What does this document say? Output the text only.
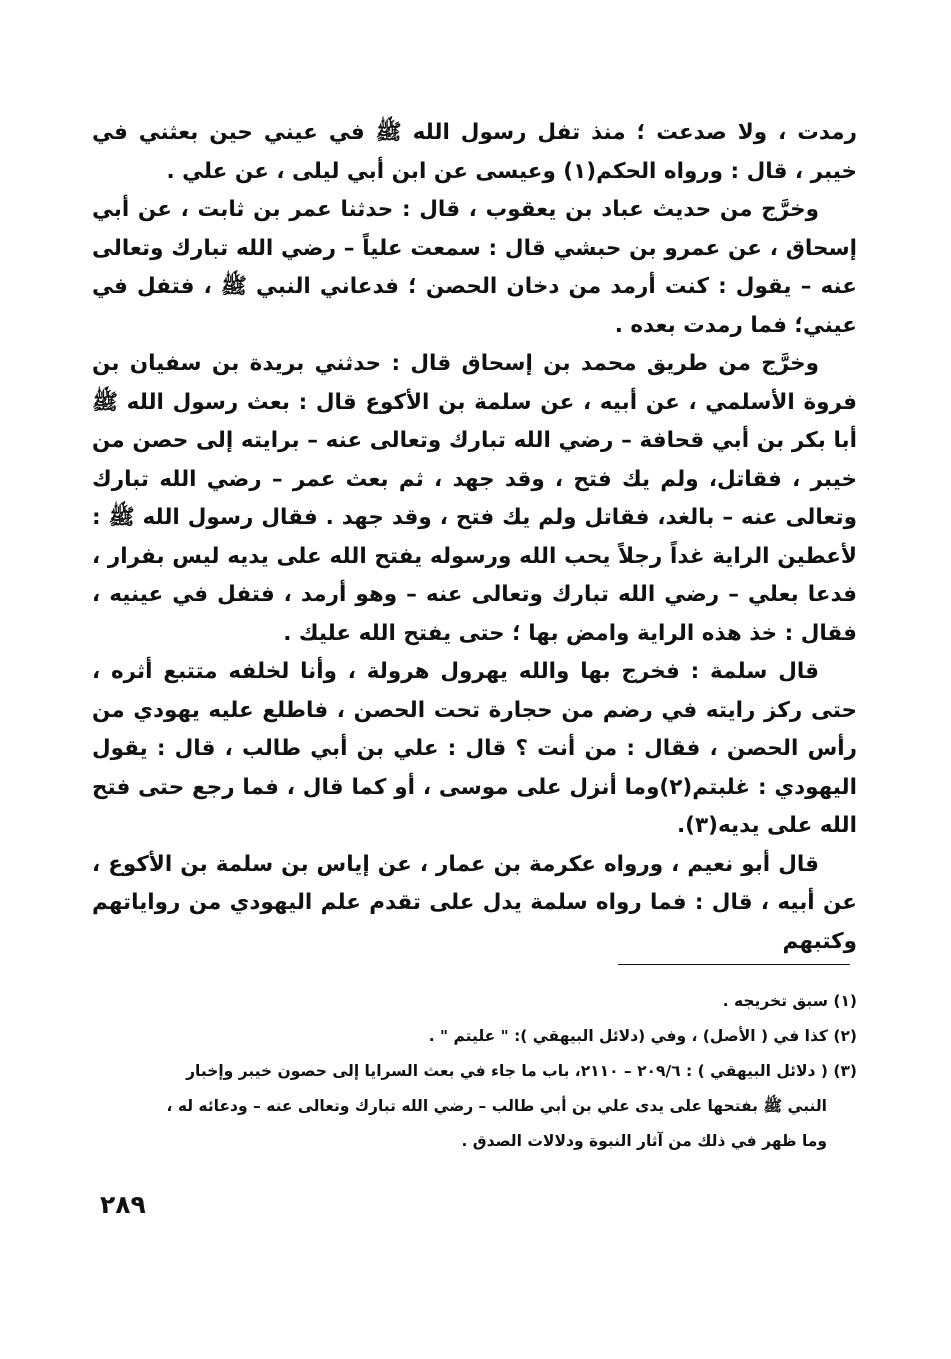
رمدت ، ولا صدعت ؛ منذ تفل رسول الله ﷺ في عيني حين بعثني في خيبر ، قال : ورواه الحكم(١) وعيسى عن ابن أبي ليلى ، عن علي .

وخرَّج من حديث عباد بن يعقوب ، قال : حدثنا عمر بن ثابت ، عن أبي إسحاق ، عن عمرو بن حبشي قال : سمعت علياً – رضي الله تبارك وتعالى عنه – يقول : كنت أرمد من دخان الحصن ؛ فدعاني النبي ﷺ ، فتفل في عيني؛ فما رمدت بعده .

وخرَّج من طريق محمد بن إسحاق قال : حدثني بريدة بن سفيان بن فروة الأسلمي ، عن أبيه ، عن سلمة بن الأكوع قال : بعث رسول الله ﷺ أبا بكر بن أبي قحافة – رضي الله تبارك وتعالى عنه – برايته إلى حصن من خيبر ، فقاتل، ولم يك فتح ، وقد جهد ، ثم بعث عمر – رضي الله تبارك وتعالى عنه – بالغد، فقاتل ولم يك فتح ، وقد جهد . فقال رسول الله ﷺ : لأعطين الراية غداً رجلاً يحب الله ورسوله يفتح الله على يديه ليس بفرار ، فدعا بعلي – رضي الله تبارك وتعالى عنه – وهو أرمد ، فتفل في عينيه ، فقال : خذ هذه الراية وامض بها ؛ حتى يفتح الله عليك .

قال سلمة : فخرج بها والله يهرول هرولة ، وأنا لخلفه متتبع أثره ، حتى ركز رايته في رضم من حجارة تحت الحصن ، فاطلع عليه يهودي من رأس الحصن ، فقال : من أنت ؟ قال : علي بن أبي طالب ، قال : يقول اليهودي : غلبتم(٢)وما أنزل على موسى ، أو كما قال ، فما رجع حتى فتح الله على يديه(٣).

قال أبو نعيم ، ورواه عكرمة بن عمار ، عن إياس بن سلمة بن الأكوع ، عن أبيه ، قال : فما رواه سلمة يدل على تقدم علم اليهودي من رواياتهم وكتبهم

(١) سبق تخريجه .

(٢) كذا في ( الأصل) ، وفي (دلائل البيهقي ): " عليتم " .

(٣) ( دلائل البيهقي ) : ٢٠٩/٦ – ٢١١٠، باب ما جاء في بعث السرايا إلى حصون خيبر وإخبار

النبي ﷺ بفتحها على يدى علي بن أبي طالب – رضي الله تبارك وتعالى عنه – ودعائه له ،

وما ظهر في ذلك من آثار النبوة ودلالات الصدق .

٢٨٩
